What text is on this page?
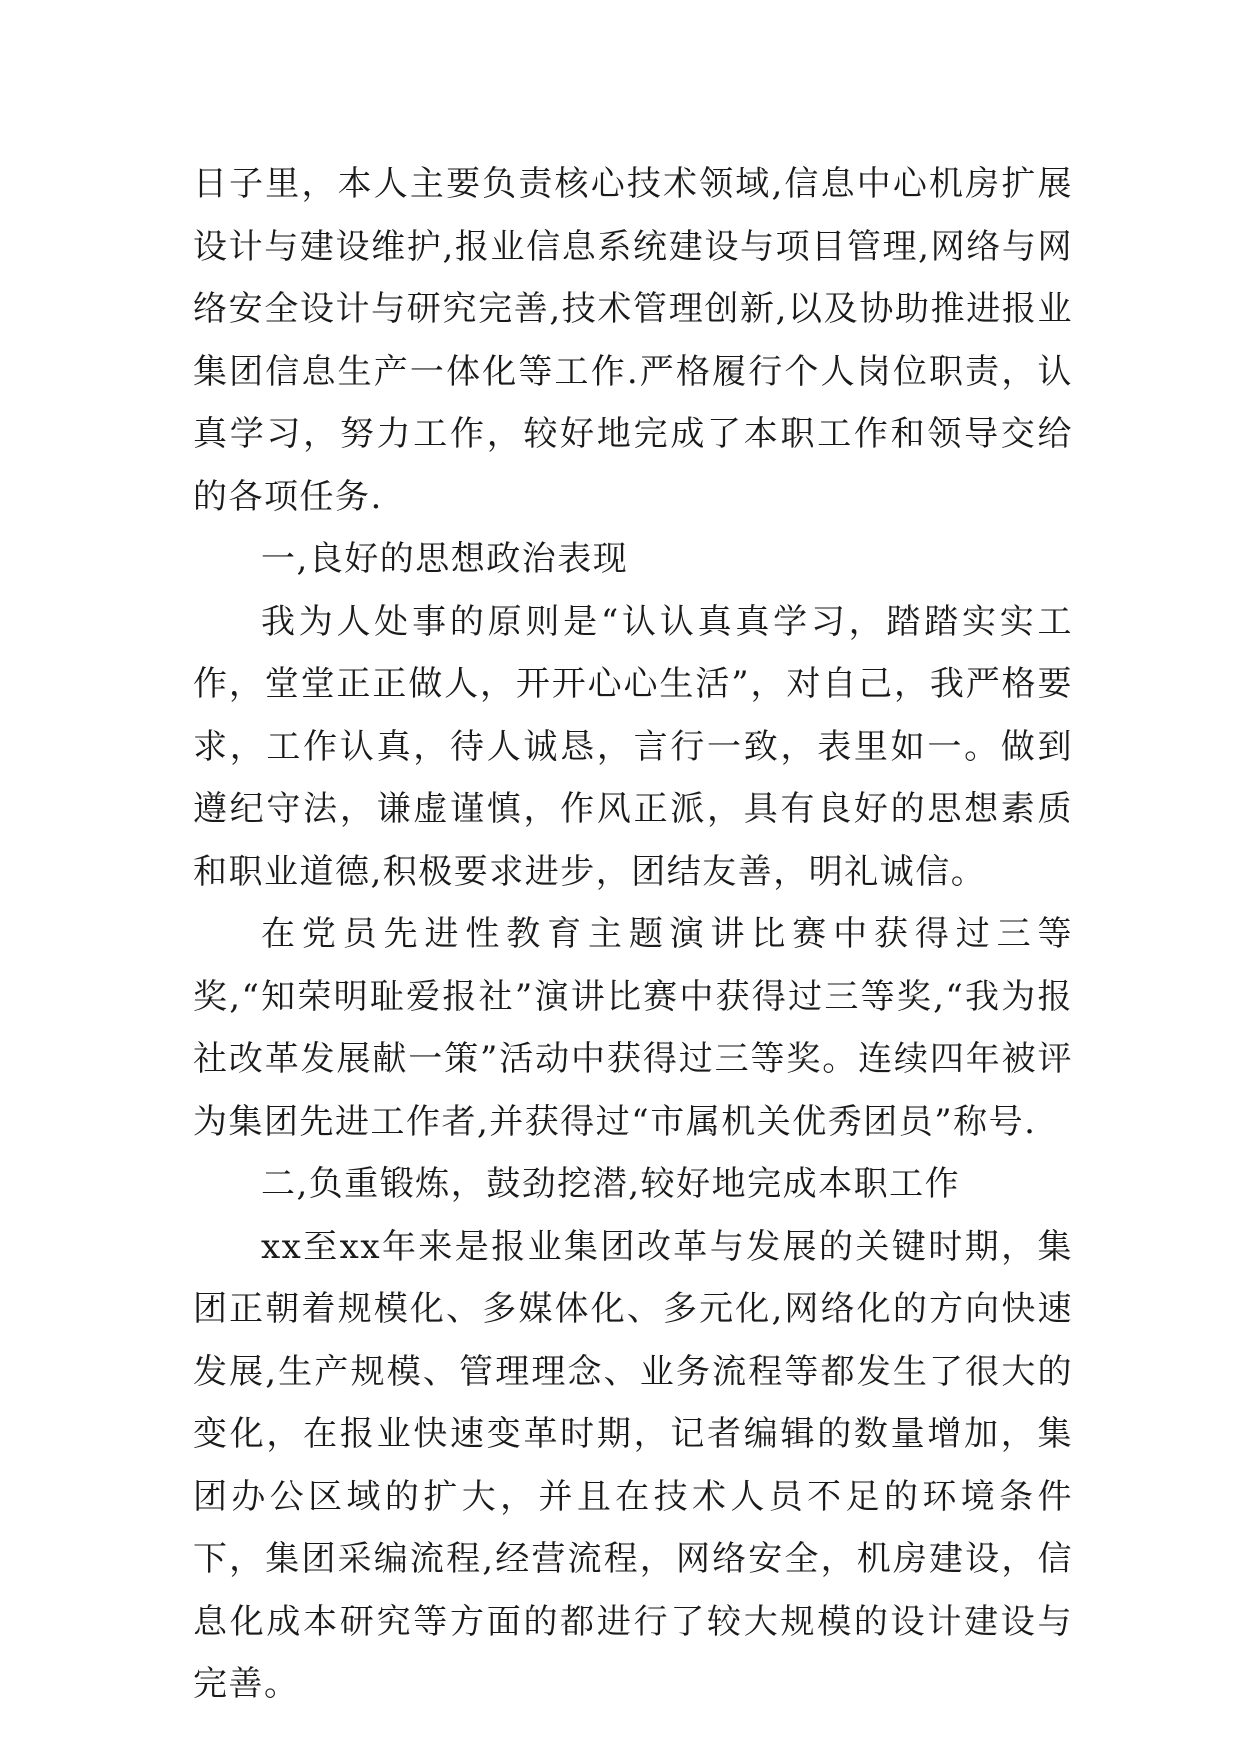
日子里，本人主要负责核心技术领域,信息中心机房扩展设计与建设维护,报业信息系统建设与项目管理,网络与网络安全设计与研究完善,技术管理创新,以及协助推进报业集团信息生产一体化等工作.严格履行个人岗位职责，认真学习，努力工作，较好地完成了本职工作和领导交给的各项任务.

一,良好的思想政治表现

我为人处事的原则是“认认真真学习，踏踏实实工作，堂堂正正做人，开开心心生活”，对自己，我严格要求，工作认真，待人诚恳，言行一致，表里如一。做到遵纪守法，谦虚谨慎，作风正派，具有良好的思想素质和职业道德,积极要求进步，团结友善，明礼诚信。

在党员先进性教育主题演讲比赛中获得过三等奖,“知荣明耻爱报社”演讲比赛中获得过三等奖,“我为报社改革发展献一策”活动中获得过三等奖。连续四年被评为集团先进工作者,并获得过“市属机关优秀团员”称号.

二,负重锻炼，鼓劲挖潜,较好地完成本职工作

xx至xx年来是报业集团改革与发展的关键时期，集团正朝着规模化、多媒体化、多元化,网络化的方向快速发展,生产规模、管理理念、业务流程等都发生了很大的变化，在报业快速变革时期，记者编辑的数量增加，集团办公区域的扩大，并且在技术人员不足的环境条件下，集团采编流程,经营流程，网络安全，机房建设，信息化成本研究等方面的都进行了较大规模的设计建设与完善。
